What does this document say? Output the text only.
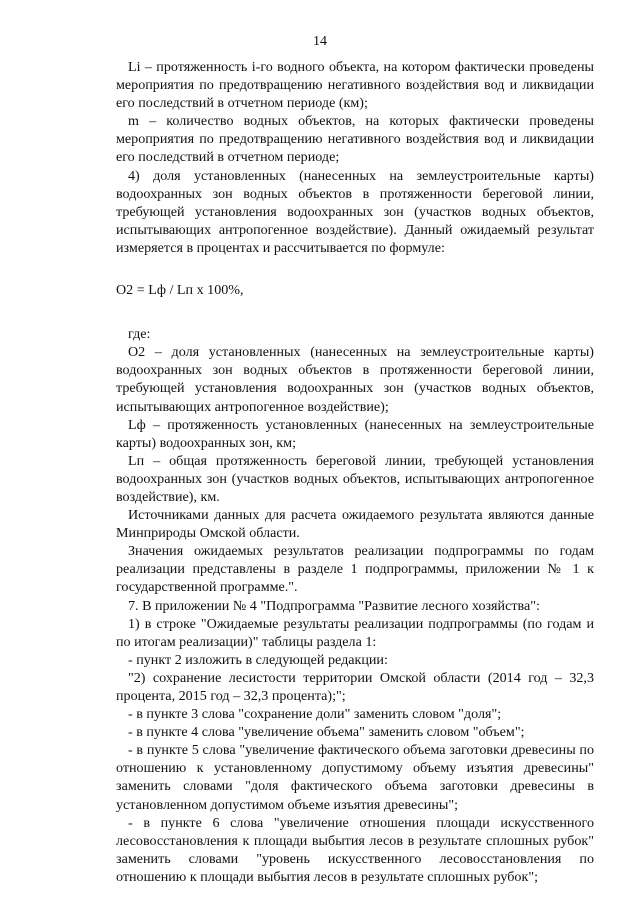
14

Li – протяженность i-го водного объекта, на котором фактически проведены мероприятия по предотвращению негативного воздействия вод и ликвидации его последствий в отчетном периоде (км);

m – количество водных объектов, на которых фактически проведены мероприятия по предотвращению негативного воздействия вод и ликвидации его последствий в отчетном периоде;

4) доля установленных (нанесенных на землеустроительные карты) водоохранных зон водных объектов в протяженности береговой линии, требующей установления водоохранных зон (участков водных объектов, испытывающих антропогенное воздействие). Данный ожидаемый результат измеряется в процентах и рассчитывается по формуле:

О2 = Lф / Lп х 100%,

где:

О2 – доля установленных (нанесенных на землеустроительные карты) водоохранных зон водных объектов в протяженности береговой линии, требующей установления водоохранных зон (участков водных объектов, испытывающих антропогенное воздействие);

Lф – протяженность установленных (нанесенных на землеустроительные карты) водоохранных зон, км;

Lп – общая протяженность береговой линии, требующей установления водоохранных зон (участков водных объектов, испытывающих антропогенное воздействие), км.

Источниками данных для расчета ожидаемого результата являются данные Минприроды Омской области.

Значения ожидаемых результатов реализации подпрограммы по годам реализации представлены в разделе 1 подпрограммы, приложении № 1 к государственной программе.".

7. В приложении № 4 "Подпрограмма "Развитие лесного хозяйства":

1) в строке "Ожидаемые результаты реализации подпрограммы (по годам и по итогам реализации)" таблицы раздела 1:

- пункт 2 изложить в следующей редакции:

"2) сохранение лесистости территории Омской области (2014 год – 32,3 процента, 2015 год – 32,3 процента);";

- в пункте 3 слова "сохранение доли" заменить словом "доля";

- в пункте 4 слова "увеличение объема" заменить словом "объем";

- в пункте 5 слова "увеличение фактического объема заготовки древесины по отношению к установленному допустимому объему изъятия древесины" заменить словами "доля фактического объема заготовки древесины в установленном допустимом объеме изъятия древесины";

- в пункте 6 слова "увеличение отношения площади искусственного лесовосстановления к площади выбытия лесов в результате сплошных рубок" заменить словами "уровень искусственного лесовосстановления по отношению к площади выбытия лесов в результате сплошных рубок";
